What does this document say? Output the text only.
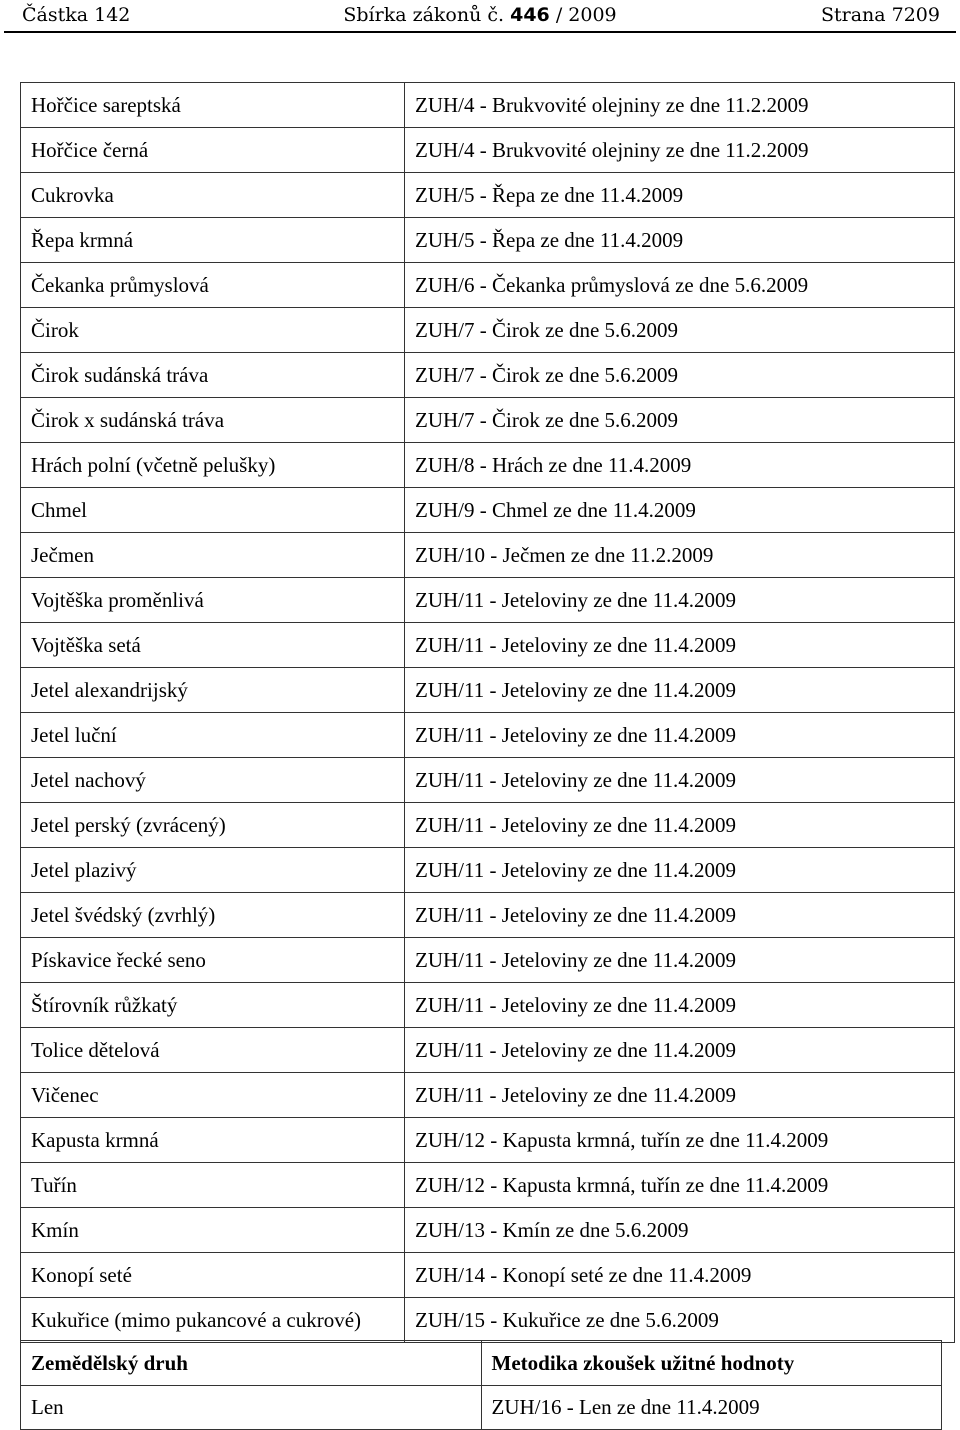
Částka 142	Sbírka zákonů č. 446 / 2009	Strana 7209
Hořčice sareptská	ZUH/4 - Brukvovité olejniny ze dne 11.2.2009
Hořčice černá	ZUH/4 - Brukvovité olejniny ze dne 11.2.2009
Cukrovka	ZUH/5 - Řepa ze dne 11.4.2009
Řepa krmná	ZUH/5 - Řepa ze dne 11.4.2009
Čekanka průmyslová	ZUH/6 - Čekanka průmyslová ze dne 5.6.2009
Čirok	ZUH/7 - Čirok ze dne 5.6.2009
Čirok sudánská tráva	ZUH/7 - Čirok ze dne 5.6.2009
Čirok x sudánská tráva	ZUH/7 - Čirok ze dne 5.6.2009
Hrách polní (včetně pelušky)	ZUH/8 - Hrách ze dne 11.4.2009
Chmel	ZUH/9 - Chmel ze dne 11.4.2009
Ječmen	ZUH/10 - Ječmen ze dne 11.2.2009
Vojtěška proměnlivá	ZUH/11 - Jeteloviny ze dne 11.4.2009
Vojtěška setá	ZUH/11 - Jeteloviny ze dne 11.4.2009
Jetel alexandrijský	ZUH/11 - Jeteloviny ze dne 11.4.2009
Jetel luční	ZUH/11 - Jeteloviny ze dne 11.4.2009
Jetel nachový	ZUH/11 - Jeteloviny ze dne 11.4.2009
Jetel perský (zvrácený)	ZUH/11 - Jeteloviny ze dne 11.4.2009
Jetel plazivý	ZUH/11 - Jeteloviny ze dne 11.4.2009
Jetel švédský (zvrhlý)	ZUH/11 - Jeteloviny ze dne 11.4.2009
Pískavice řecké seno	ZUH/11 - Jeteloviny ze dne 11.4.2009
Štírovník růžkatý	ZUH/11 - Jeteloviny ze dne 11.4.2009
Tolice dětelová	ZUH/11 - Jeteloviny ze dne 11.4.2009
Vičenec	ZUH/11 - Jeteloviny ze dne 11.4.2009
Kapusta krmná	ZUH/12 - Kapusta krmná, tuřín ze dne 11.4.2009
Tuřín	ZUH/12 - Kapusta krmná, tuřín ze dne 11.4.2009
Kmín	ZUH/13 - Kmín ze dne 5.6.2009
Konopí seté	ZUH/14 - Konopí seté ze dne 11.4.2009
Kukuřice (mimo pukancové a cukrové)	ZUH/15 - Kukuřice ze dne 5.6.2009
Zemědělský druh	Metodika zkoušek užitné hodnoty
Len	ZUH/16 - Len ze dne 11.4.2009
